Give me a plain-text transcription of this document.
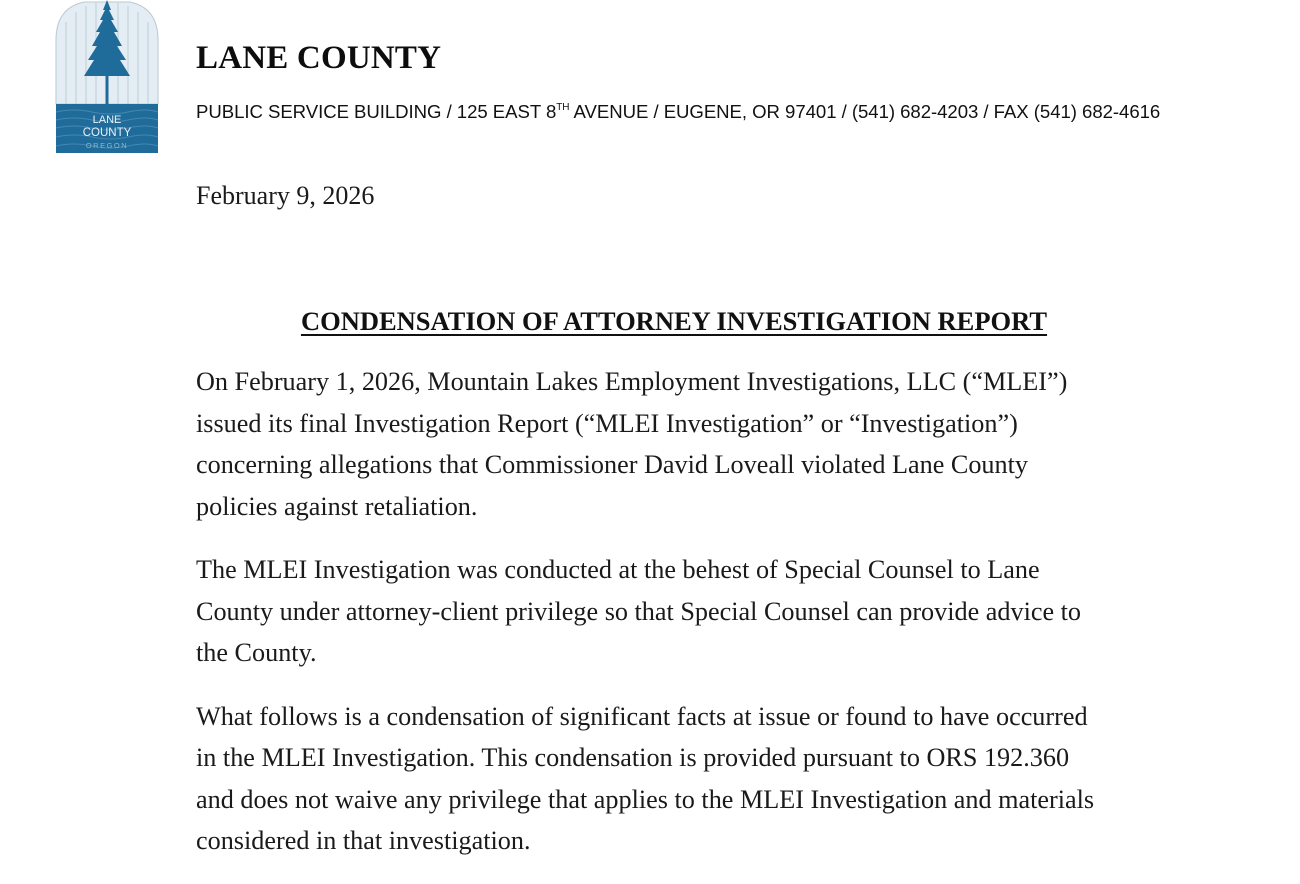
LANE
COUNTY
OREGON
LANE COUNTY
PUBLIC SERVICE BUILDING / 125 EAST 8TH AVENUE / EUGENE, OR 97401 / (541) 682-4203 / FAX (541) 682-4616
February 9, 2026
CONDENSATION OF ATTORNEY INVESTIGATION REPORT

On February 1, 2026, Mountain Lakes Employment Investigations, LLC (“MLEI”)
issued its final Investigation Report (“MLEI Investigation” or “Investigation”)
concerning allegations that Commissioner David Loveall violated Lane County
policies against retaliation.

The MLEI Investigation was conducted at the behest of Special Counsel to Lane
County under attorney-client privilege so that Special Counsel can provide advice to
the County.

What follows is a condensation of significant facts at issue or found to have occurred
in the MLEI Investigation. This condensation is provided pursuant to ORS 192.360
and does not waive any privilege that applies to the MLEI Investigation and materials
considered in that investigation.
